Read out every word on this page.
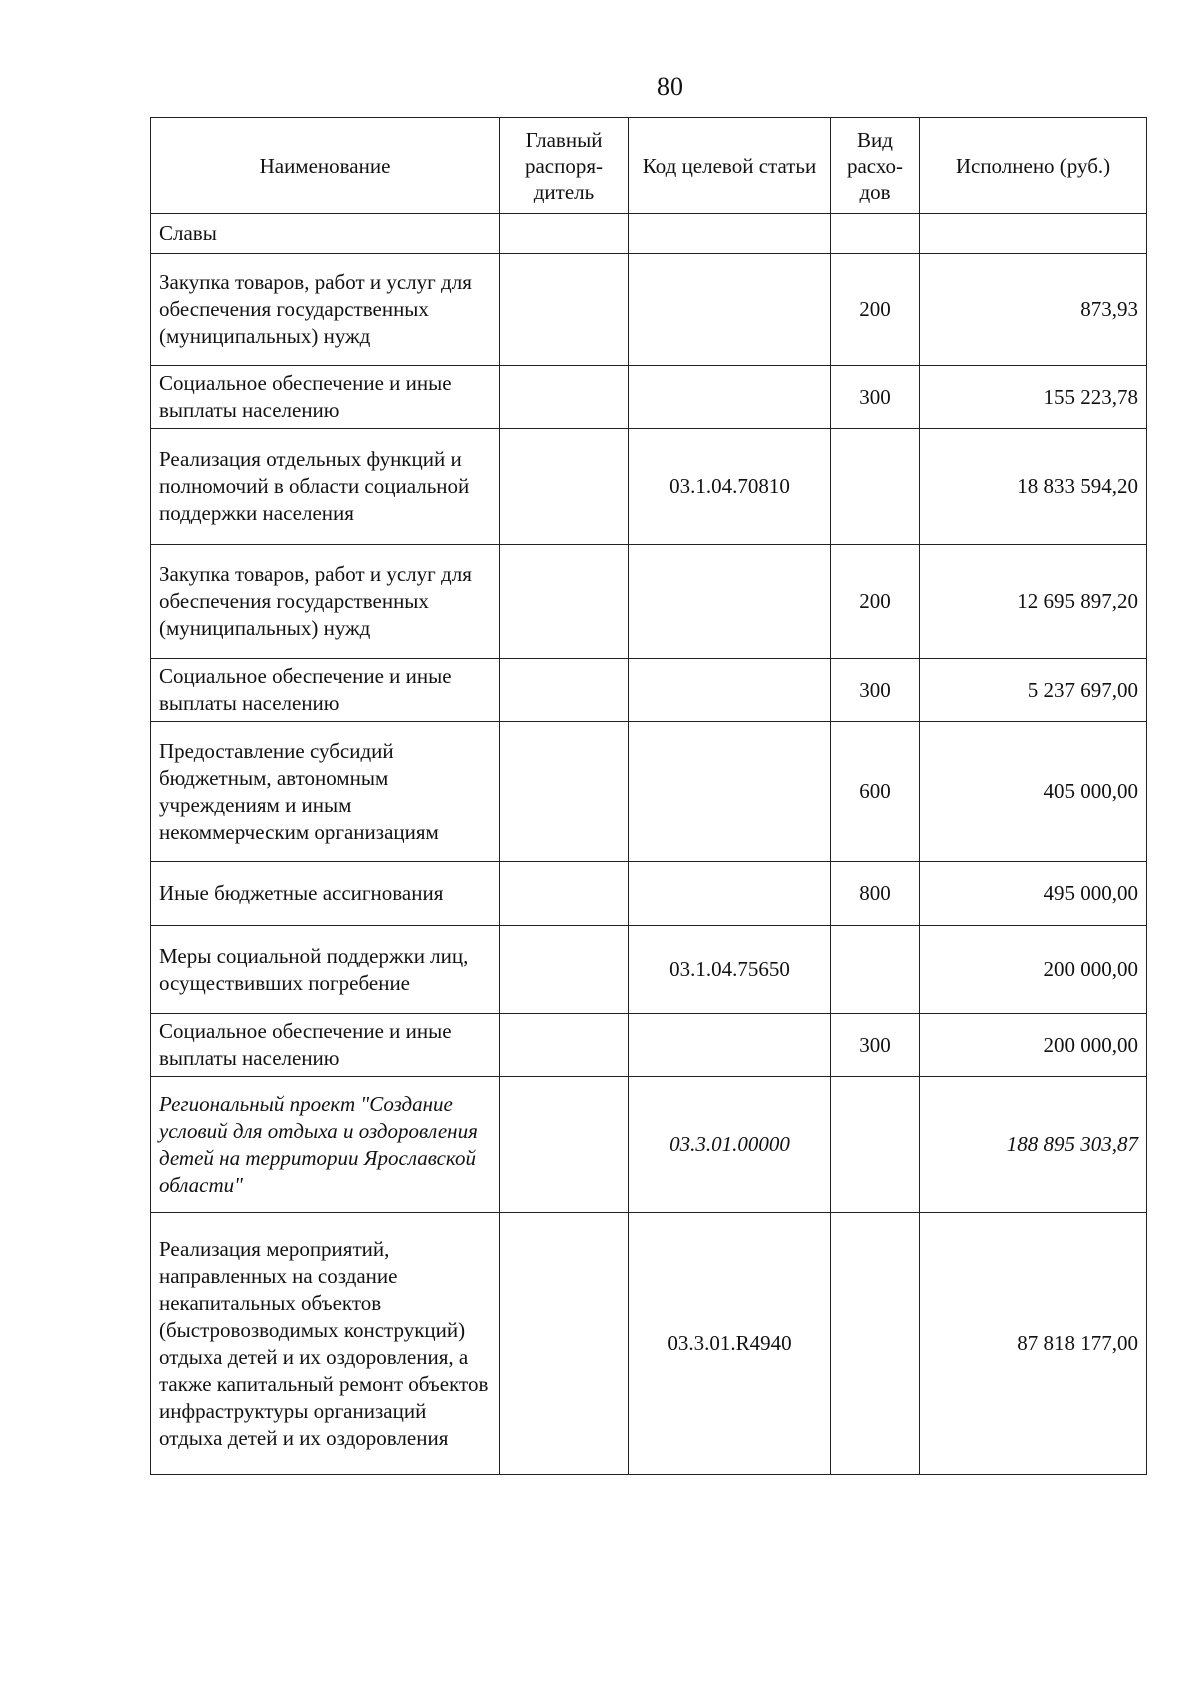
80
Наименование	Главный распоря-дитель	Код целевой статьи	Вид расхо-дов	Исполнено (руб.)
Славы				
Закупка товаров, работ и услуг для обеспечения государственных (муниципальных) нужд			200	873,93
Социальное обеспечение и иные выплаты населению			300	155 223,78
Реализация отдельных функций и полномочий в области социальной поддержки населения		03.1.04.70810		18 833 594,20
Закупка товаров, работ и услуг для обеспечения государственных (муниципальных) нужд			200	12 695 897,20
Социальное обеспечение и иные выплаты населению			300	5 237 697,00
Предоставление субсидий бюджетным, автономным учреждениям и иным некоммерческим организациям			600	405 000,00
Иные бюджетные ассигнования			800	495 000,00
Меры социальной поддержки лиц, осуществивших погребение		03.1.04.75650		200 000,00
Социальное обеспечение и иные выплаты населению			300	200 000,00
Региональный проект "Создание условий для отдыха и оздоровления детей на территории Ярославской области"		03.3.01.00000		188 895 303,87
Реализация мероприятий, направленных на создание некапитальных объектов (быстровозводимых конструкций) отдыха детей и их оздоровления, а также капитальный ремонт объектов инфраструктуры организаций отдыха детей и их оздоровления		03.3.01.R4940		87 818 177,00
